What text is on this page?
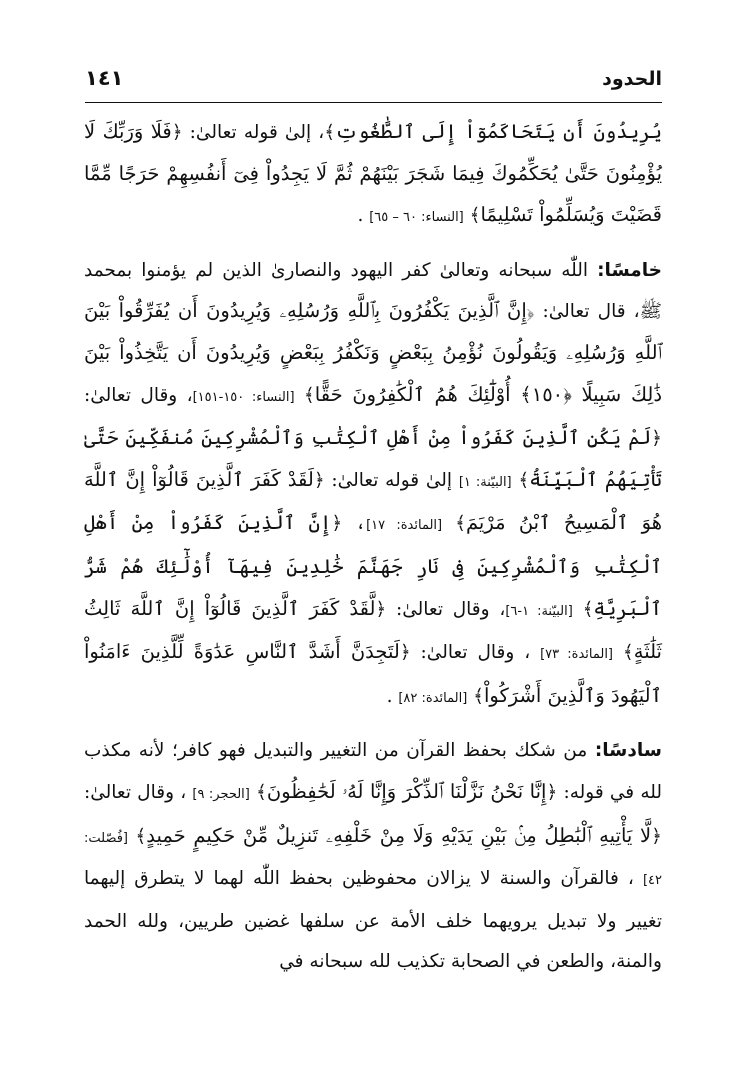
الحدود
١٤١

يُرِيدُونَ أَن يَتَحَاكَمُوٓاْ إِلَى ٱلطَّٰغُوتِ﴾، إلىٰ قوله تعالىٰ: ﴿فَلَا وَرَبِّكَ لَا يُؤْمِنُونَ حَتَّىٰ يُحَكِّمُوكَ فِيمَا شَجَرَ بَيْنَهُمْ ثُمَّ لَا يَجِدُواْ فِىٓ أَنفُسِهِمْ حَرَجًا مِّمَّا قَضَيْتَ وَيُسَلِّمُواْ تَسْلِيمًا﴾ [النساء: ٦٠ – ٦٥] .

خامسًا: اللّٰه سبحانه وتعالىٰ كفر اليهود والنصارىٰ الذين لم يؤمنوا بمحمد ﷺ، قال تعالىٰ: ﴿إِنَّ ٱلَّذِينَ يَكْفُرُونَ بِٱللَّهِ وَرُسُلِهِۦ وَيُرِيدُونَ أَن يُفَرِّقُواْ بَيْنَ ٱللَّهِ وَرُسُلِهِۦ وَيَقُولُونَ نُؤْمِنُ بِبَعْضٍ وَنَكْفُرُ بِبَعْضٍ وَيُرِيدُونَ أَن يَتَّخِذُواْ بَيْنَ ذَٰلِكَ سَبِيلًا ﴿١٥٠﴾ أُوْلَٰٓئِكَ هُمُ ٱلْكَٰفِرُونَ حَقًّا﴾ [النساء: ١٥٠-١٥١]، وقال تعالىٰ: ﴿لَمْ يَكُنِ ٱلَّذِينَ كَفَرُواْ مِنْ أَهْلِ ٱلْكِتَٰبِ وَٱلْمُشْرِكِينَ مُنفَكِّينَ حَتَّىٰ تَأْتِيَهُمُ ٱلْبَيِّنَةُ﴾ [البيّنة: ١] إلىٰ قوله تعالىٰ: ﴿لَقَدْ كَفَرَ ٱلَّذِينَ قَالُوٓاْ إِنَّ ٱللَّهَ هُوَ ٱلْمَسِيحُ ٱبْنُ مَرْيَمَ﴾ [المائدة: ١٧]، ﴿إِنَّ ٱلَّذِينَ كَفَرُواْ مِنْ أَهْلِ ٱلْكِتَٰبِ وَٱلْمُشْرِكِينَ فِى نَارِ جَهَنَّمَ خَٰلِدِينَ فِيهَآ أُوْلَٰٓئِكَ هُمْ شَرُّ ٱلْبَرِيَّةِ﴾ [البيّنة: ١-٦]، وقال تعالىٰ: ﴿لَّقَدْ كَفَرَ ٱلَّذِينَ قَالُوٓاْ إِنَّ ٱللَّهَ ثَالِثُ ثَلَٰثَةٍ﴾ [المائدة: ٧٣] ، وقال تعالىٰ: ﴿لَتَجِدَنَّ أَشَدَّ ٱلنَّاسِ عَدَٰوَةً لِّلَّذِينَ ءَامَنُواْ ٱلْيَهُودَ وَٱلَّذِينَ أَشْرَكُواْ﴾ [المائدة: ٨٢] .

سادسًا: من شكك بحفظ القرآن من التغيير والتبديل فهو كافر؛ لأنه مكذب لله في قوله: ﴿إِنَّا نَحْنُ نَزَّلْنَا ٱلذِّكْرَ وَإِنَّا لَهُۥ لَحَٰفِظُونَ﴾ [الحجر: ٩] ، وقال تعالىٰ: ﴿لَّا يَأْتِيهِ ٱلْبَٰطِلُ مِنۢ بَيْنِ يَدَيْهِ وَلَا مِنْ خَلْفِهِۦ تَنزِيلٌ مِّنْ حَكِيمٍ حَمِيدٍ﴾ [فُصّلت: ٤٢] ، فالقرآن والسنة لا يزالان محفوظين بحفظ اللّٰه لهما لا يتطرق إليهما تغيير ولا تبديل يرويهما خلف الأمة عن سلفها غضين طريين، ولله الحمد والمنة، والطعن في الصحابة تكذيب لله سبحانه في
